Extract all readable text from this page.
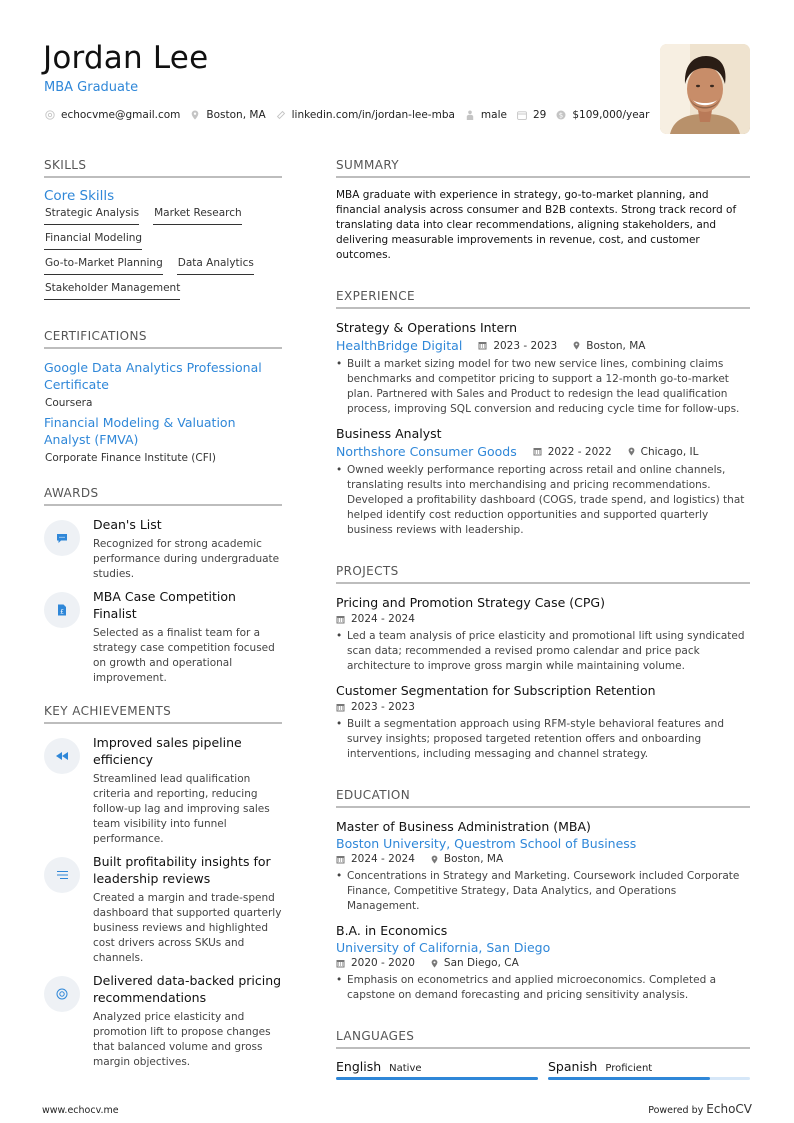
Jordan Lee
MBA Graduate
echocvme@gmail.com Boston, MA linkedin.com/in/jordan-lee-mba male 29 $ $109,000/year
SKILLS
Core Skills
Strategic Analysis Market Research
Financial Modeling
Go-to-Market Planning Data Analytics
Stakeholder Management
CERTIFICATIONS
Google Data Analytics Professional Certificate
Coursera
Financial Modeling & Valuation Analyst (FMVA)
Corporate Finance Institute (CFI)
AWARDS
Dean's List
Recognized for strong academic performance during undergraduate studies.
£
MBA Case Competition Finalist
Selected as a finalist team for a strategy case competition focused on growth and operational improvement.
KEY ACHIEVEMENTS
Improved sales pipeline efficiency
Streamlined lead qualification criteria and reporting, reducing follow-up lag and improving sales team visibility into funnel performance.
Built profitability insights for leadership reviews
Created a margin and trade-spend dashboard that supported quarterly business reviews and highlighted cost drivers across SKUs and channels.
Delivered data-backed pricing recommendations
Analyzed price elasticity and promotion lift to propose changes that balanced volume and gross margin objectives.
SUMMARY
MBA graduate with experience in strategy, go-to-market planning, and financial analysis across consumer and B2B contexts. Strong track record of translating data into clear recommendations, aligning stakeholders, and delivering measurable improvements in revenue, cost, and customer outcomes.
EXPERIENCE
Strategy & Operations Intern
HealthBridge Digital	2023 - 2023	Boston, MA
• Built a market sizing model for two new service lines, combining claims benchmarks and competitor pricing to support a 12-month go-to-market plan. Partnered with Sales and Product to redesign the lead qualification process, improving SQL conversion and reducing cycle time for follow-ups.
Business Analyst
Northshore Consumer Goods	2022 - 2022	Chicago, IL
• Owned weekly performance reporting across retail and online channels, translating results into merchandising and pricing recommendations. Developed a profitability dashboard (COGS, trade spend, and logistics) that helped identify cost reduction opportunities and supported quarterly business reviews with leadership.
PROJECTS
Pricing and Promotion Strategy Case (CPG)
2024 - 2024
• Led a team analysis of price elasticity and promotional lift using syndicated scan data; recommended a revised promo calendar and price pack architecture to improve gross margin while maintaining volume.
Customer Segmentation for Subscription Retention
2023 - 2023
• Built a segmentation approach using RFM-style behavioral features and survey insights; proposed targeted retention offers and onboarding interventions, including messaging and channel strategy.
EDUCATION
Master of Business Administration (MBA)
Boston University, Questrom School of Business
2024 - 2024	Boston, MA
• Concentrations in Strategy and Marketing. Coursework included Corporate Finance, Competitive Strategy, Data Analytics, and Operations Management.
B.A. in Economics
University of California, San Diego
2020 - 2020	San Diego, CA
• Emphasis on econometrics and applied microeconomics. Completed a capstone on demand forecasting and pricing sensitivity analysis.
LANGUAGES
English Native	Spanish Proficient
www.echocv.me	Powered by EchoCV
